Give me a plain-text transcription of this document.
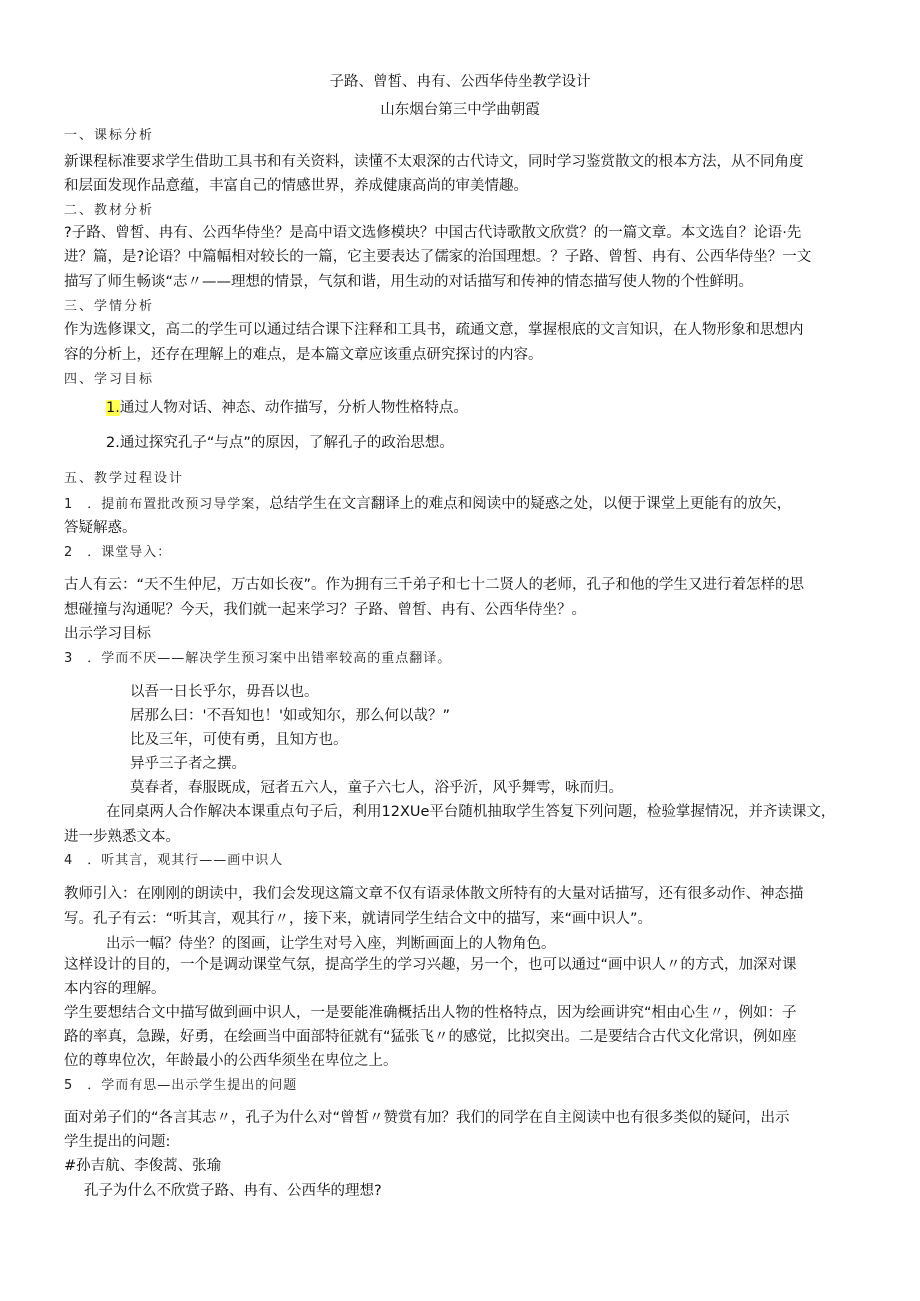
子路、曾皙、冉有、公西华侍坐教学设计

山东烟台第三中学曲朝霞

一、课标分析

新课程标准要求学生借助工具书和有关资料，读懂不太艰深的古代诗文，同时学习鉴赏散文的根本方法，从不同角度

和层面发现作品意蕴，丰富自己的情感世界，养成健康高尚的审美情趣。

二、教材分析

?子路、曾皙、冉有、公西华侍坐？是高中语文选修模块？中国古代诗歌散文欣赏？的一篇文章。本文选自？论语·先

进？篇，是?论语？中篇幅相对较长的一篇，它主要表达了儒家的治国理想。？子路、曾皙、冉有、公西华侍坐？一文

描写了师生畅谈“志〃——理想的情景，气氛和谐，用生动的对话描写和传神的情态描写使人物的个性鲜明。

三、学情分析

作为选修课文，高二的学生可以通过结合课下注释和工具书，疏通文意，掌握根底的文言知识，在人物形象和思想内

容的分析上，还存在理解上的难点，是本篇文章应该重点研究探讨的内容。

四、学习目标

1.通过人物对话、神态、动作描写，分析人物性格特点。

2.通过探究孔子“与点”的原因，了解孔子的政治思想。

五、教学过程设计

1　．提前布置批改预习导学案，总结学生在文言翻译上的难点和阅读中的疑惑之处，以便于课堂上更能有的放矢，

答疑解惑。

2　．课堂导入：

古人有云：“天不生仲尼，万古如长夜”。作为拥有三千弟子和七十二贤人的老师，孔子和他的学生又进行着怎样的思

想碰撞与沟通呢？今天，我们就一起来学习？子路、曾皙、冉有、公西华侍坐？。

出示学习目标

3　．学而不厌——解决学生预习案中出错率较高的重点翻译。

以吾一日长乎尔，毋吾以也。

居那么曰：'不吾知也！'如或知尔，那么何以哉？”

比及三年，可使有勇，且知方也。

异乎三子者之撰。

莫春者，春服既成，冠者五六人，童子六七人，浴乎沂，风乎舞雩，咏而归。

在同桌两人合作解决本课重点句子后，利用12XUe平台随机抽取学生答复下列问题，检验掌握情况，并齐读课文，

进一步熟悉文本。

4　．听其言，观其行——画中识人

教师引入：在刚刚的朗读中，我们会发现这篇文章不仅有语录体散文所特有的大量对话描写，还有很多动作、神态描

写。孔子有云：“听其言，观其行〃，接下来，就请同学生结合文中的描写，来“画中识人”。

出示一幅？侍坐？的图画，让学生对号入座，判断画面上的人物角色。

这样设计的目的，一个是调动课堂气氛，提高学生的学习兴趣，另一个，也可以通过“画中识人〃的方式，加深对课

本内容的理解。

学生要想结合文中描写做到画中识人，一是要能准确概括出人物的性格特点，因为绘画讲究“相由心生〃，例如：子

路的率真，急躁，好勇，在绘画当中面部特征就有“猛张飞〃的感觉，比拟突出。二是要结合古代文化常识，例如座

位的尊卑位次，年龄最小的公西华须坐在卑位之上。

5　．学而有思—出示学生提出的问题

面对弟子们的“各言其志〃，孔子为什么对“曾皙〃赞赏有加？我们的同学在自主阅读中也有很多类似的疑问，出示

学生提出的问题:

#孙吉航、李俊蒿、张瑜

孔子为什么不欣赏子路、冉有、公西华的理想?
